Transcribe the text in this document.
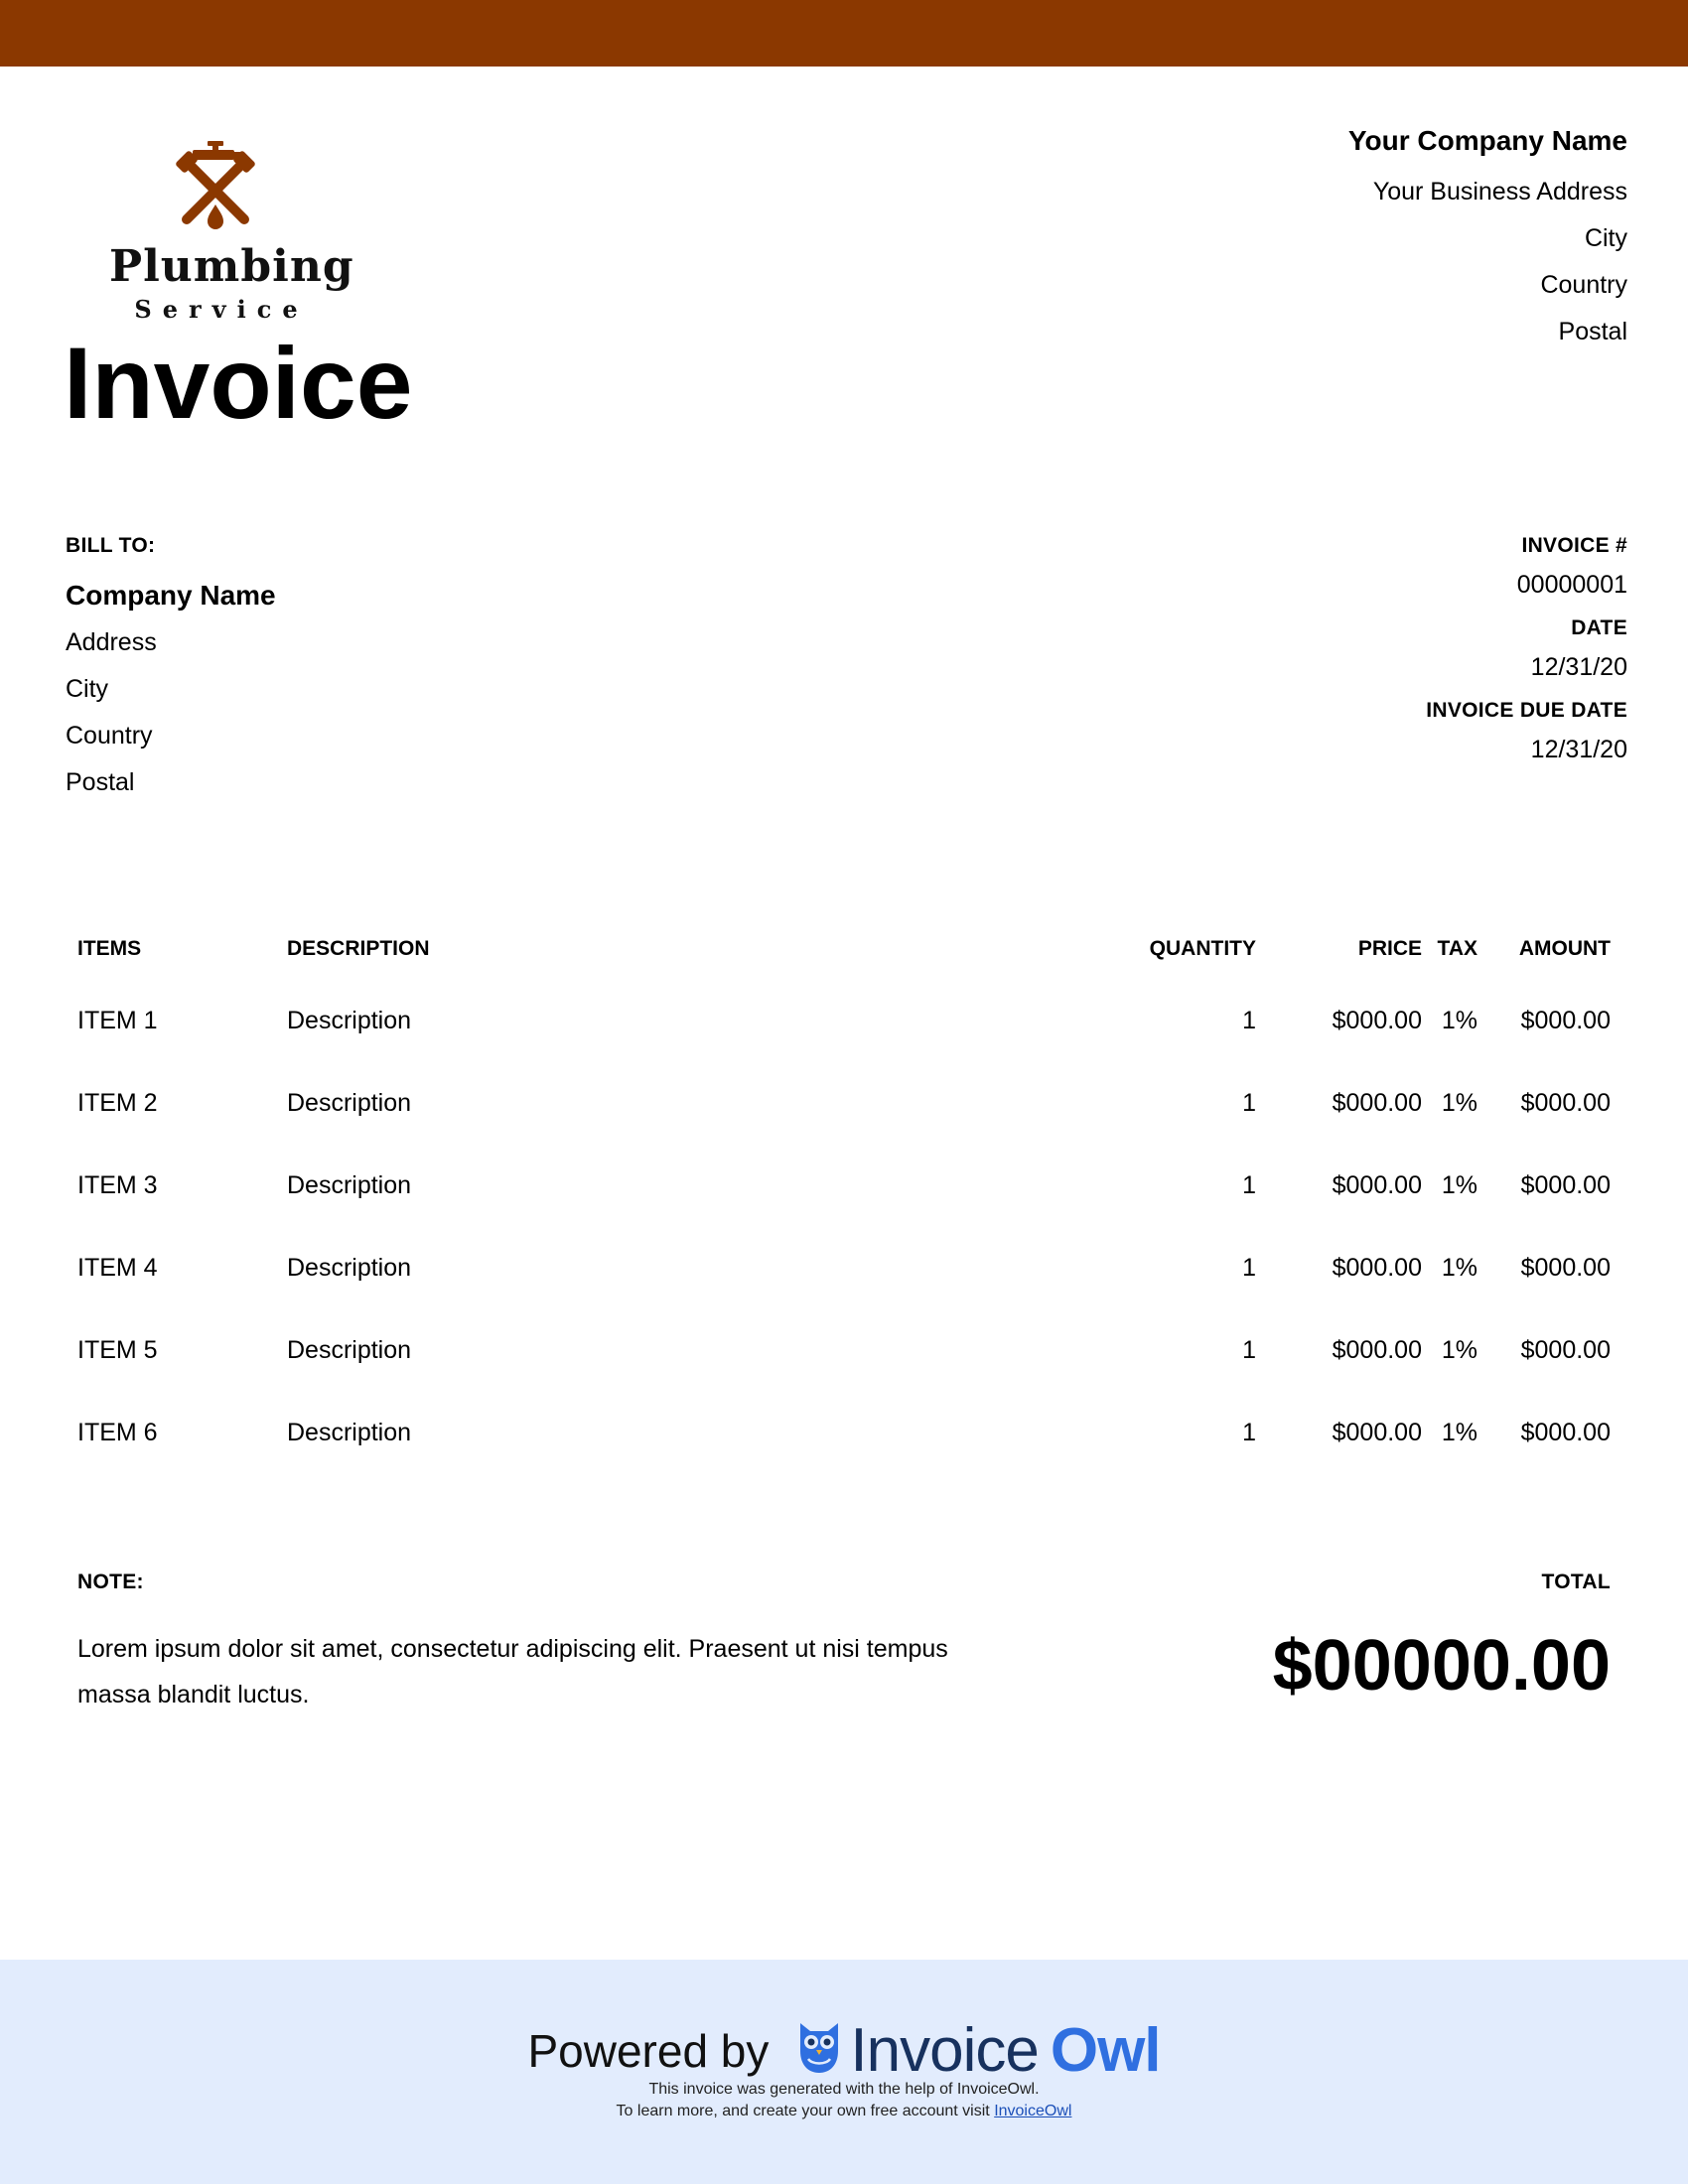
Plumbing
Service
Invoice
Your Company Name
Your Business Address
City
Country
Postal
BILL TO:
Company Name
Address
City
Country
Postal
INVOICE #
00000001
DATE
12/31/20
INVOICE DUE DATE
12/31/20
ITEMS	DESCRIPTION	QUANTITY	PRICE TAX AMOUNT
ITEM 1	Description	1	$000.00 1% $000.00
ITEM 2	Description	1	$000.00 1% $000.00
ITEM 3	Description	1	$000.00 1% $000.00
ITEM 4	Description	1	$000.00 1% $000.00
ITEM 5	Description	1	$000.00 1% $000.00
ITEM 6	Description	1	$000.00 1% $000.00
NOTE:
Lorem ipsum dolor sit amet, consectetur adipiscing elit. Praesent ut nisi tempus massa blandit luctus.
TOTAL
$00000.00
Powered by Invoice Owl
This invoice was generated with the help of InvoiceOwl.
To learn more, and create your own free account visit InvoiceOwl
